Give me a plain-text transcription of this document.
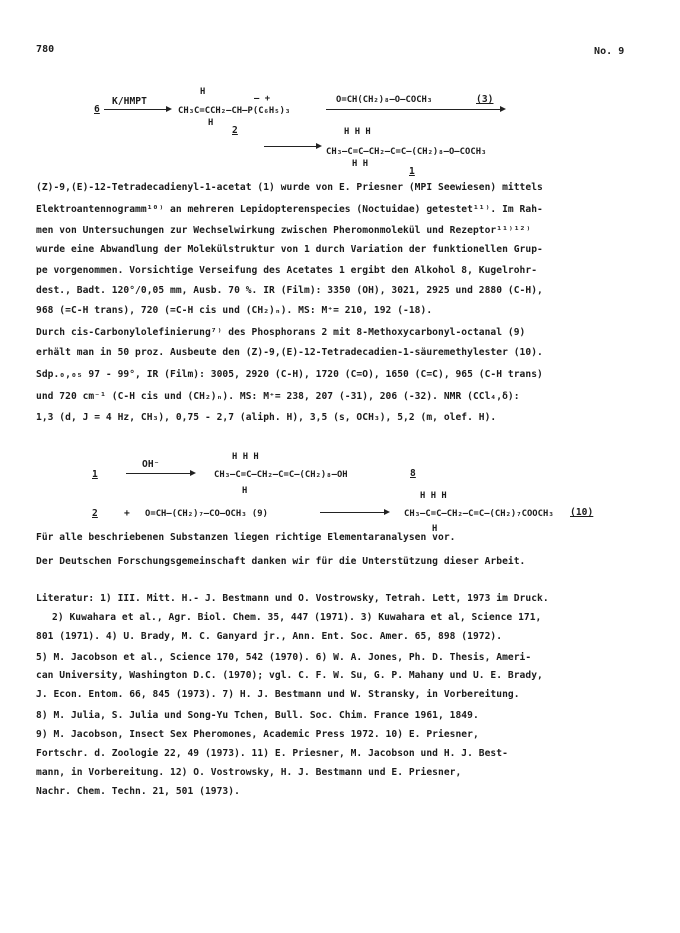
780	No. 9
6
K/HMPT
H
‒ +
CH₃C=CCH₂–CH–P(C₆H₅)₃
H
2
O=CH(CH₂)₈–O–COCH₃	(3)
H H H
CH₃–C=C–CH₂–C=C–(CH₂)₈–O–COCH₃
H H
1
(Z)-9,(E)-12-Tetradecadienyl-1-acetat (1) wurde von E. Priesner (MPI Seewiesen) mittels
Elektroantennogramm¹⁰⁾ an mehreren Lepidopterenspecies (Noctuidae) getestet¹¹⁾. Im Rah-
men von Untersuchungen zur Wechselwirkung zwischen Pheromonmolekül und Rezeptor¹¹⁾¹²⁾
wurde eine Abwandlung der Molekülstruktur von 1 durch Variation der funktionellen Grup-
pe vorgenommen. Vorsichtige Verseifung des Acetates 1 ergibt den Alkohol 8, Kugelrohr-
dest., Badt. 120°/0,05 mm, Ausb. 70 %. IR (Film): 3350 (OH), 3021, 2925 und 2880 (C-H),
968 (=C-H trans), 720 (=C-H cis und (CH₂)ₙ). MS: M⁺= 210, 192 (-18).
Durch cis-Carbonylolefinierung⁷⁾ des Phosphorans 2 mit 8-Methoxycarbonyl-octanal (9)
erhält man in 50 proz. Ausbeute den (Z)-9,(E)-12-Tetradecadien-1-säuremethylester (10).
Sdp.₀,₀₅ 97 - 99°, IR (Film): 3005, 2920 (C-H), 1720 (C=O), 1650 (C=C), 965 (C-H trans)
und 720 cm⁻¹ (C-H cis und (CH₂)ₙ). MS: M⁺= 238, 207 (-31), 206 (-32). NMR (CCl₄,δ):
1,3 (d, J = 4 Hz, CH₃), 0,75 - 2,7 (aliph. H), 3,5 (s, OCH₃), 5,2 (m, olef. H).
1
OH⁻
H H H
CH₃–C=C–CH₂–C=C–(CH₂)₈–OH
H
8
2	+ O=CH–(CH₂)₇–CO–OCH₃ (9)
H H H
CH₃–C=C–CH₂–C=C–(CH₂)₇COOCH₃
H
(10)
Für alle beschriebenen Substanzen liegen richtige Elementaranalysen vor.
Der Deutschen Forschungsgemeinschaft danken wir für die Unterstützung dieser Arbeit.
Literatur: 1) III. Mitt. H.- J. Bestmann und O. Vostrowsky, Tetrah. Lett, 1973 im Druck.
2) Kuwahara et al., Agr. Biol. Chem. 35, 447 (1971). 3) Kuwahara et al, Science 171,
801 (1971). 4) U. Brady, M. C. Ganyard jr., Ann. Ent. Soc. Amer. 65, 898 (1972).
5) M. Jacobson et al., Science 170, 542 (1970). 6) W. A. Jones, Ph. D. Thesis, Ameri-
can University, Washington D.C. (1970); vgl. C. F. W. Su, G. P. Mahany und U. E. Brady,
J. Econ. Entom. 66, 845 (1973). 7) H. J. Bestmann und W. Stransky, in Vorbereitung.
8) M. Julia, S. Julia und Song-Yu Tchen, Bull. Soc. Chim. France 1961, 1849.
9) M. Jacobson, Insect Sex Pheromones, Academic Press 1972. 10) E. Priesner,
Fortschr. d. Zoologie 22, 49 (1973). 11) E. Priesner, M. Jacobson und H. J. Best-
mann, in Vorbereitung. 12) O. Vostrowsky, H. J. Bestmann und E. Priesner,
Nachr. Chem. Techn. 21, 501 (1973).
